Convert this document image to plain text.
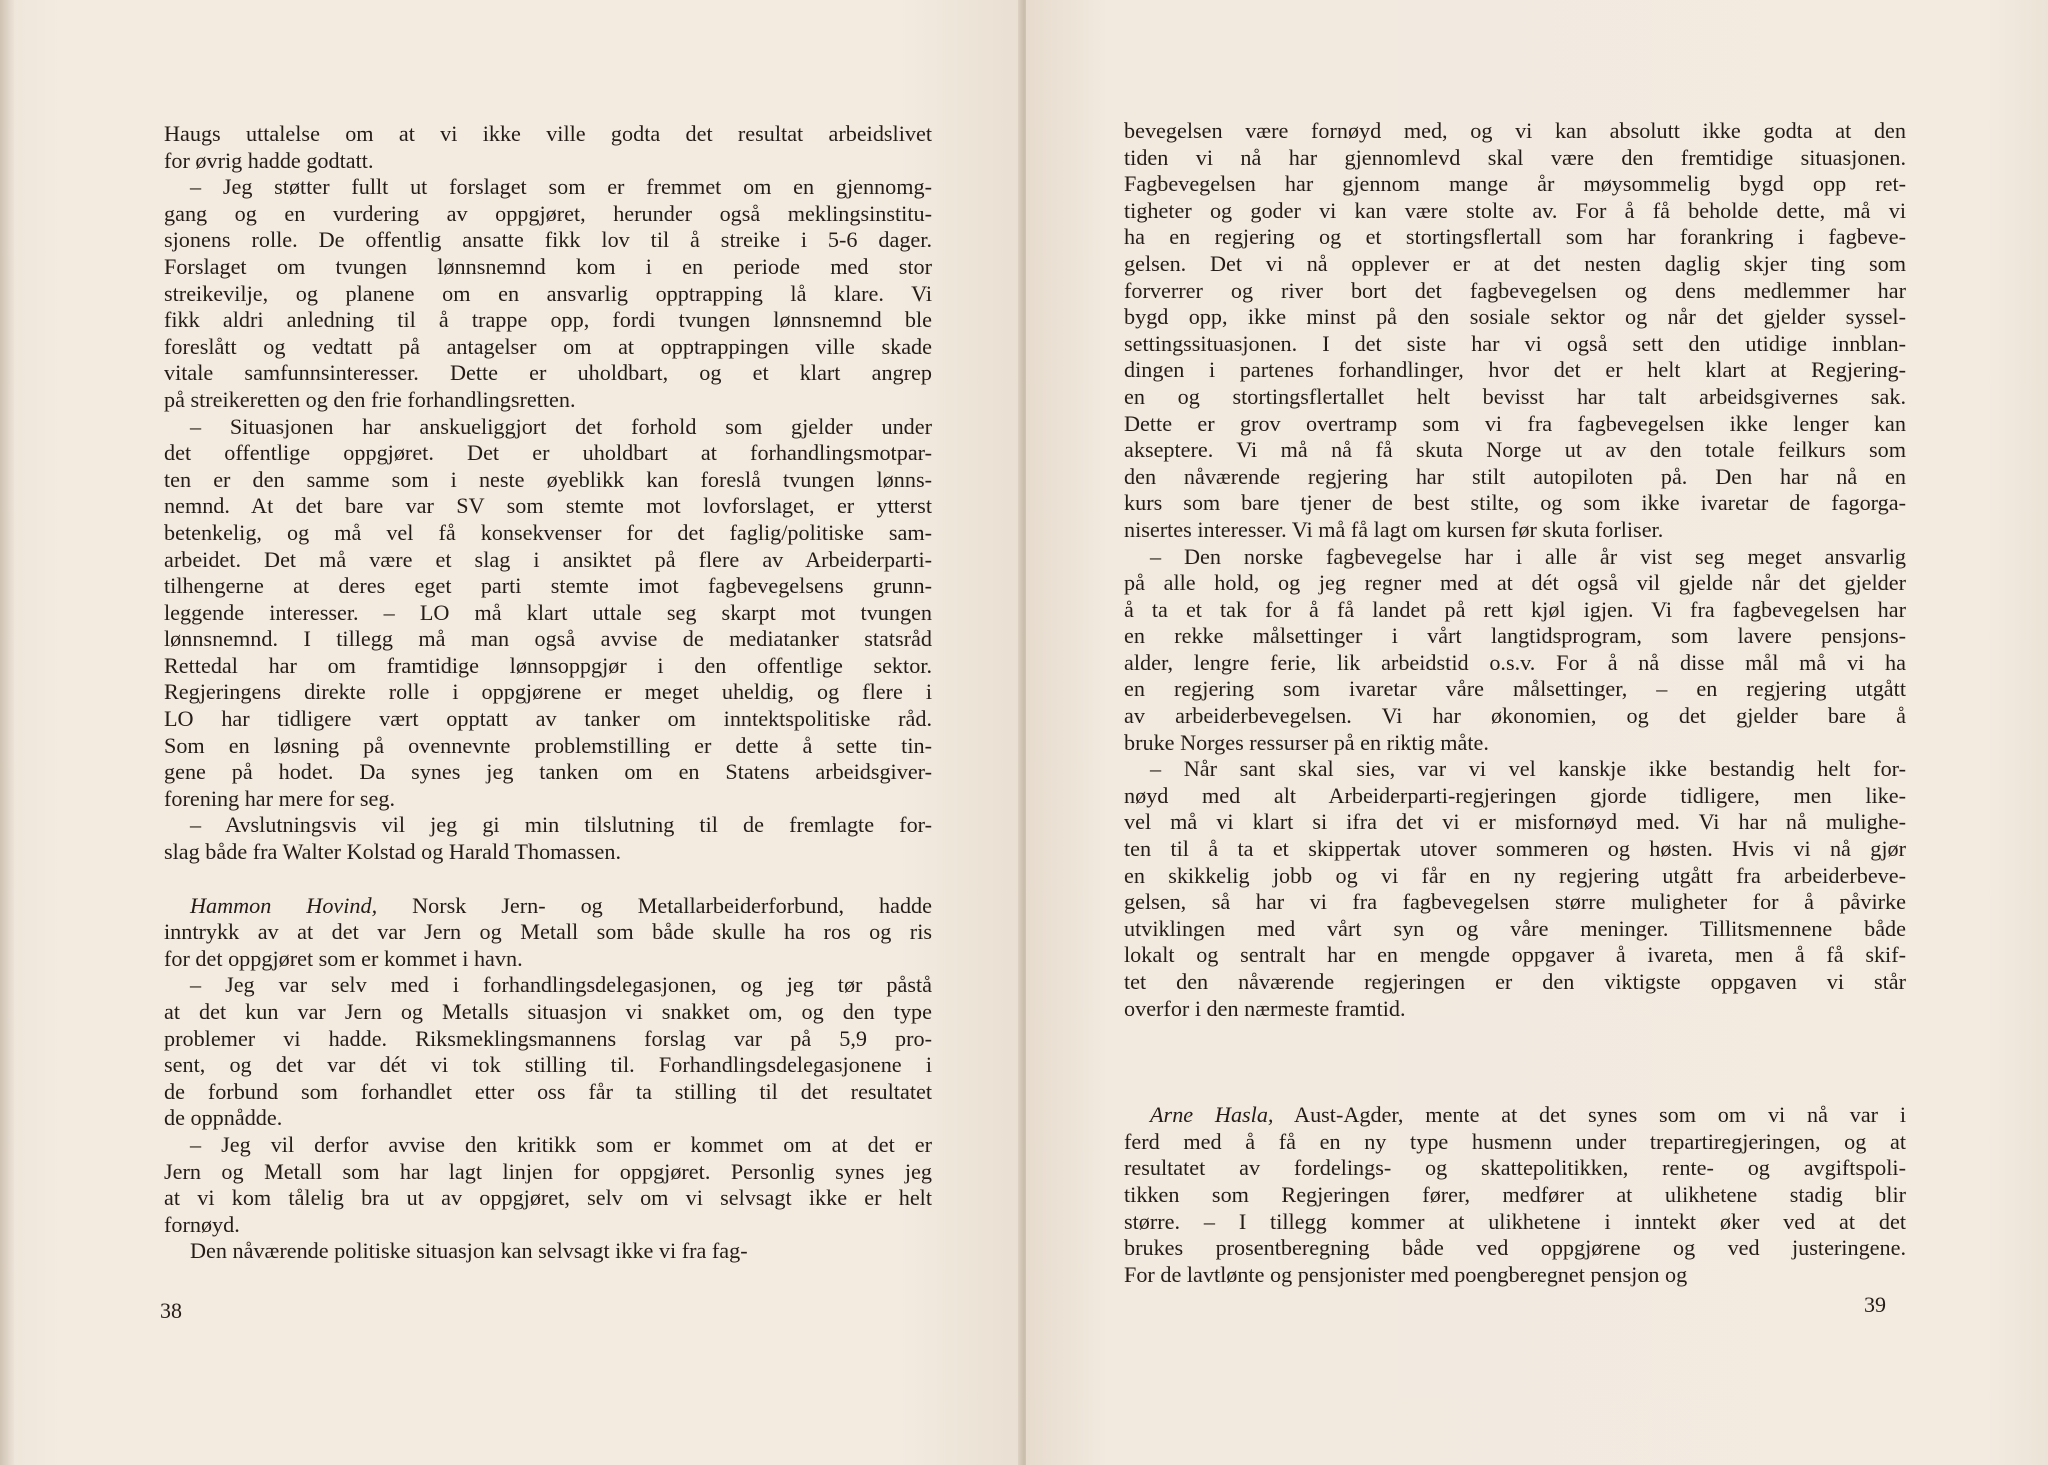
Haugs uttalelse om at vi ikke ville godta det resultat arbeidslivet
for øvrig hadde godtatt.
– Jeg støtter fullt ut forslaget som er fremmet om en gjennomg-
gang og en vurdering av oppgjøret, herunder også meklingsinstitu-
sjonens rolle. De offentlig ansatte fikk lov til å streike i 5-6 dager.
Forslaget om tvungen lønnsnemnd kom i en periode med stor
streikevilje, og planene om en ansvarlig opptrapping lå klare. Vi
fikk aldri anledning til å trappe opp, fordi tvungen lønnsnemnd ble
foreslått og vedtatt på antagelser om at opptrappingen ville skade
vitale samfunnsinteresser. Dette er uholdbart, og et klart angrep
på streikeretten og den frie forhandlingsretten.
– Situasjonen har anskueliggjort det forhold som gjelder under
det offentlige oppgjøret. Det er uholdbart at forhandlingsmotpar-
ten er den samme som i neste øyeblikk kan foreslå tvungen lønns-
nemnd. At det bare var SV som stemte mot lovforslaget, er ytterst
betenkelig, og må vel få konsekvenser for det faglig/politiske sam-
arbeidet. Det må være et slag i ansiktet på flere av Arbeiderparti-
tilhengerne at deres eget parti stemte imot fagbevegelsens grunn-
leggende interesser. – LO må klart uttale seg skarpt mot tvungen
lønnsnemnd. I tillegg må man også avvise de mediatanker statsråd
Rettedal har om framtidige lønnsoppgjør i den offentlige sektor.
Regjeringens direkte rolle i oppgjørene er meget uheldig, og flere i
LO har tidligere vært opptatt av tanker om inntektspolitiske råd.
Som en løsning på ovennevnte problemstilling er dette å sette tin-
gene på hodet. Da synes jeg tanken om en Statens arbeidsgiver-
forening har mere for seg.
– Avslutningsvis vil jeg gi min tilslutning til de fremlagte for-
slag både fra Walter Kolstad og Harald Thomassen.
Hammon Hovind, Norsk Jern- og Metallarbeiderforbund, hadde
inntrykk av at det var Jern og Metall som både skulle ha ros og ris
for det oppgjøret som er kommet i havn.
– Jeg var selv med i forhandlingsdelegasjonen, og jeg tør påstå
at det kun var Jern og Metalls situasjon vi snakket om, og den type
problemer vi hadde. Riksmeklingsmannens forslag var på 5,9 pro-
sent, og det var dét vi tok stilling til. Forhandlingsdelegasjonene i
de forbund som forhandlet etter oss får ta stilling til det resultatet
de oppnådde.
– Jeg vil derfor avvise den kritikk som er kommet om at det er
Jern og Metall som har lagt linjen for oppgjøret. Personlig synes jeg
at vi kom tålelig bra ut av oppgjøret, selv om vi selvsagt ikke er helt
fornøyd.
Den nåværende politiske situasjon kan selvsagt ikke vi fra fag-
38
bevegelsen være fornøyd med, og vi kan absolutt ikke godta at den
tiden vi nå har gjennomlevd skal være den fremtidige situasjonen.
Fagbevegelsen har gjennom mange år møysommelig bygd opp ret-
tigheter og goder vi kan være stolte av. For å få beholde dette, må vi
ha en regjering og et stortingsflertall som har forankring i fagbeve-
gelsen. Det vi nå opplever er at det nesten daglig skjer ting som
forverrer og river bort det fagbevegelsen og dens medlemmer har
bygd opp, ikke minst på den sosiale sektor og når det gjelder syssel-
settingssituasjonen. I det siste har vi også sett den utidige innblan-
dingen i partenes forhandlinger, hvor det er helt klart at Regjering-
en og stortingsflertallet helt bevisst har talt arbeidsgivernes sak.
Dette er grov overtramp som vi fra fagbevegelsen ikke lenger kan
akseptere. Vi må nå få skuta Norge ut av den totale feilkurs som
den nåværende regjering har stilt autopiloten på. Den har nå en
kurs som bare tjener de best stilte, og som ikke ivaretar de fagorga-
nisertes interesser. Vi må få lagt om kursen før skuta forliser.
– Den norske fagbevegelse har i alle år vist seg meget ansvarlig
på alle hold, og jeg regner med at dét også vil gjelde når det gjelder
å ta et tak for å få landet på rett kjøl igjen. Vi fra fagbevegelsen har
en rekke målsettinger i vårt langtidsprogram, som lavere pensjons-
alder, lengre ferie, lik arbeidstid o.s.v. For å nå disse mål må vi ha
en regjering som ivaretar våre målsettinger, – en regjering utgått
av arbeiderbevegelsen. Vi har økonomien, og det gjelder bare å
bruke Norges ressurser på en riktig måte.
– Når sant skal sies, var vi vel kanskje ikke bestandig helt for-
nøyd med alt Arbeiderparti-regjeringen gjorde tidligere, men like-
vel må vi klart si ifra det vi er misfornøyd med. Vi har nå mulighe-
ten til å ta et skippertak utover sommeren og høsten. Hvis vi nå gjør
en skikkelig jobb og vi får en ny regjering utgått fra arbeiderbeve-
gelsen, så har vi fra fagbevegelsen større muligheter for å påvirke
utviklingen med vårt syn og våre meninger. Tillitsmennene både
lokalt og sentralt har en mengde oppgaver å ivareta, men å få skif-
tet den nåværende regjeringen er den viktigste oppgaven vi står
overfor i den nærmeste framtid.
Arne Hasla, Aust-Agder, mente at det synes som om vi nå var i
ferd med å få en ny type husmenn under trepartiregjeringen, og at
resultatet av fordelings- og skattepolitikken, rente- og avgiftspoli-
tikken som Regjeringen fører, medfører at ulikhetene stadig blir
større. – I tillegg kommer at ulikhetene i inntekt øker ved at det
brukes prosentberegning både ved oppgjørene og ved justeringene.
For de lavtlønte og pensjonister med poengberegnet pensjon og
39
